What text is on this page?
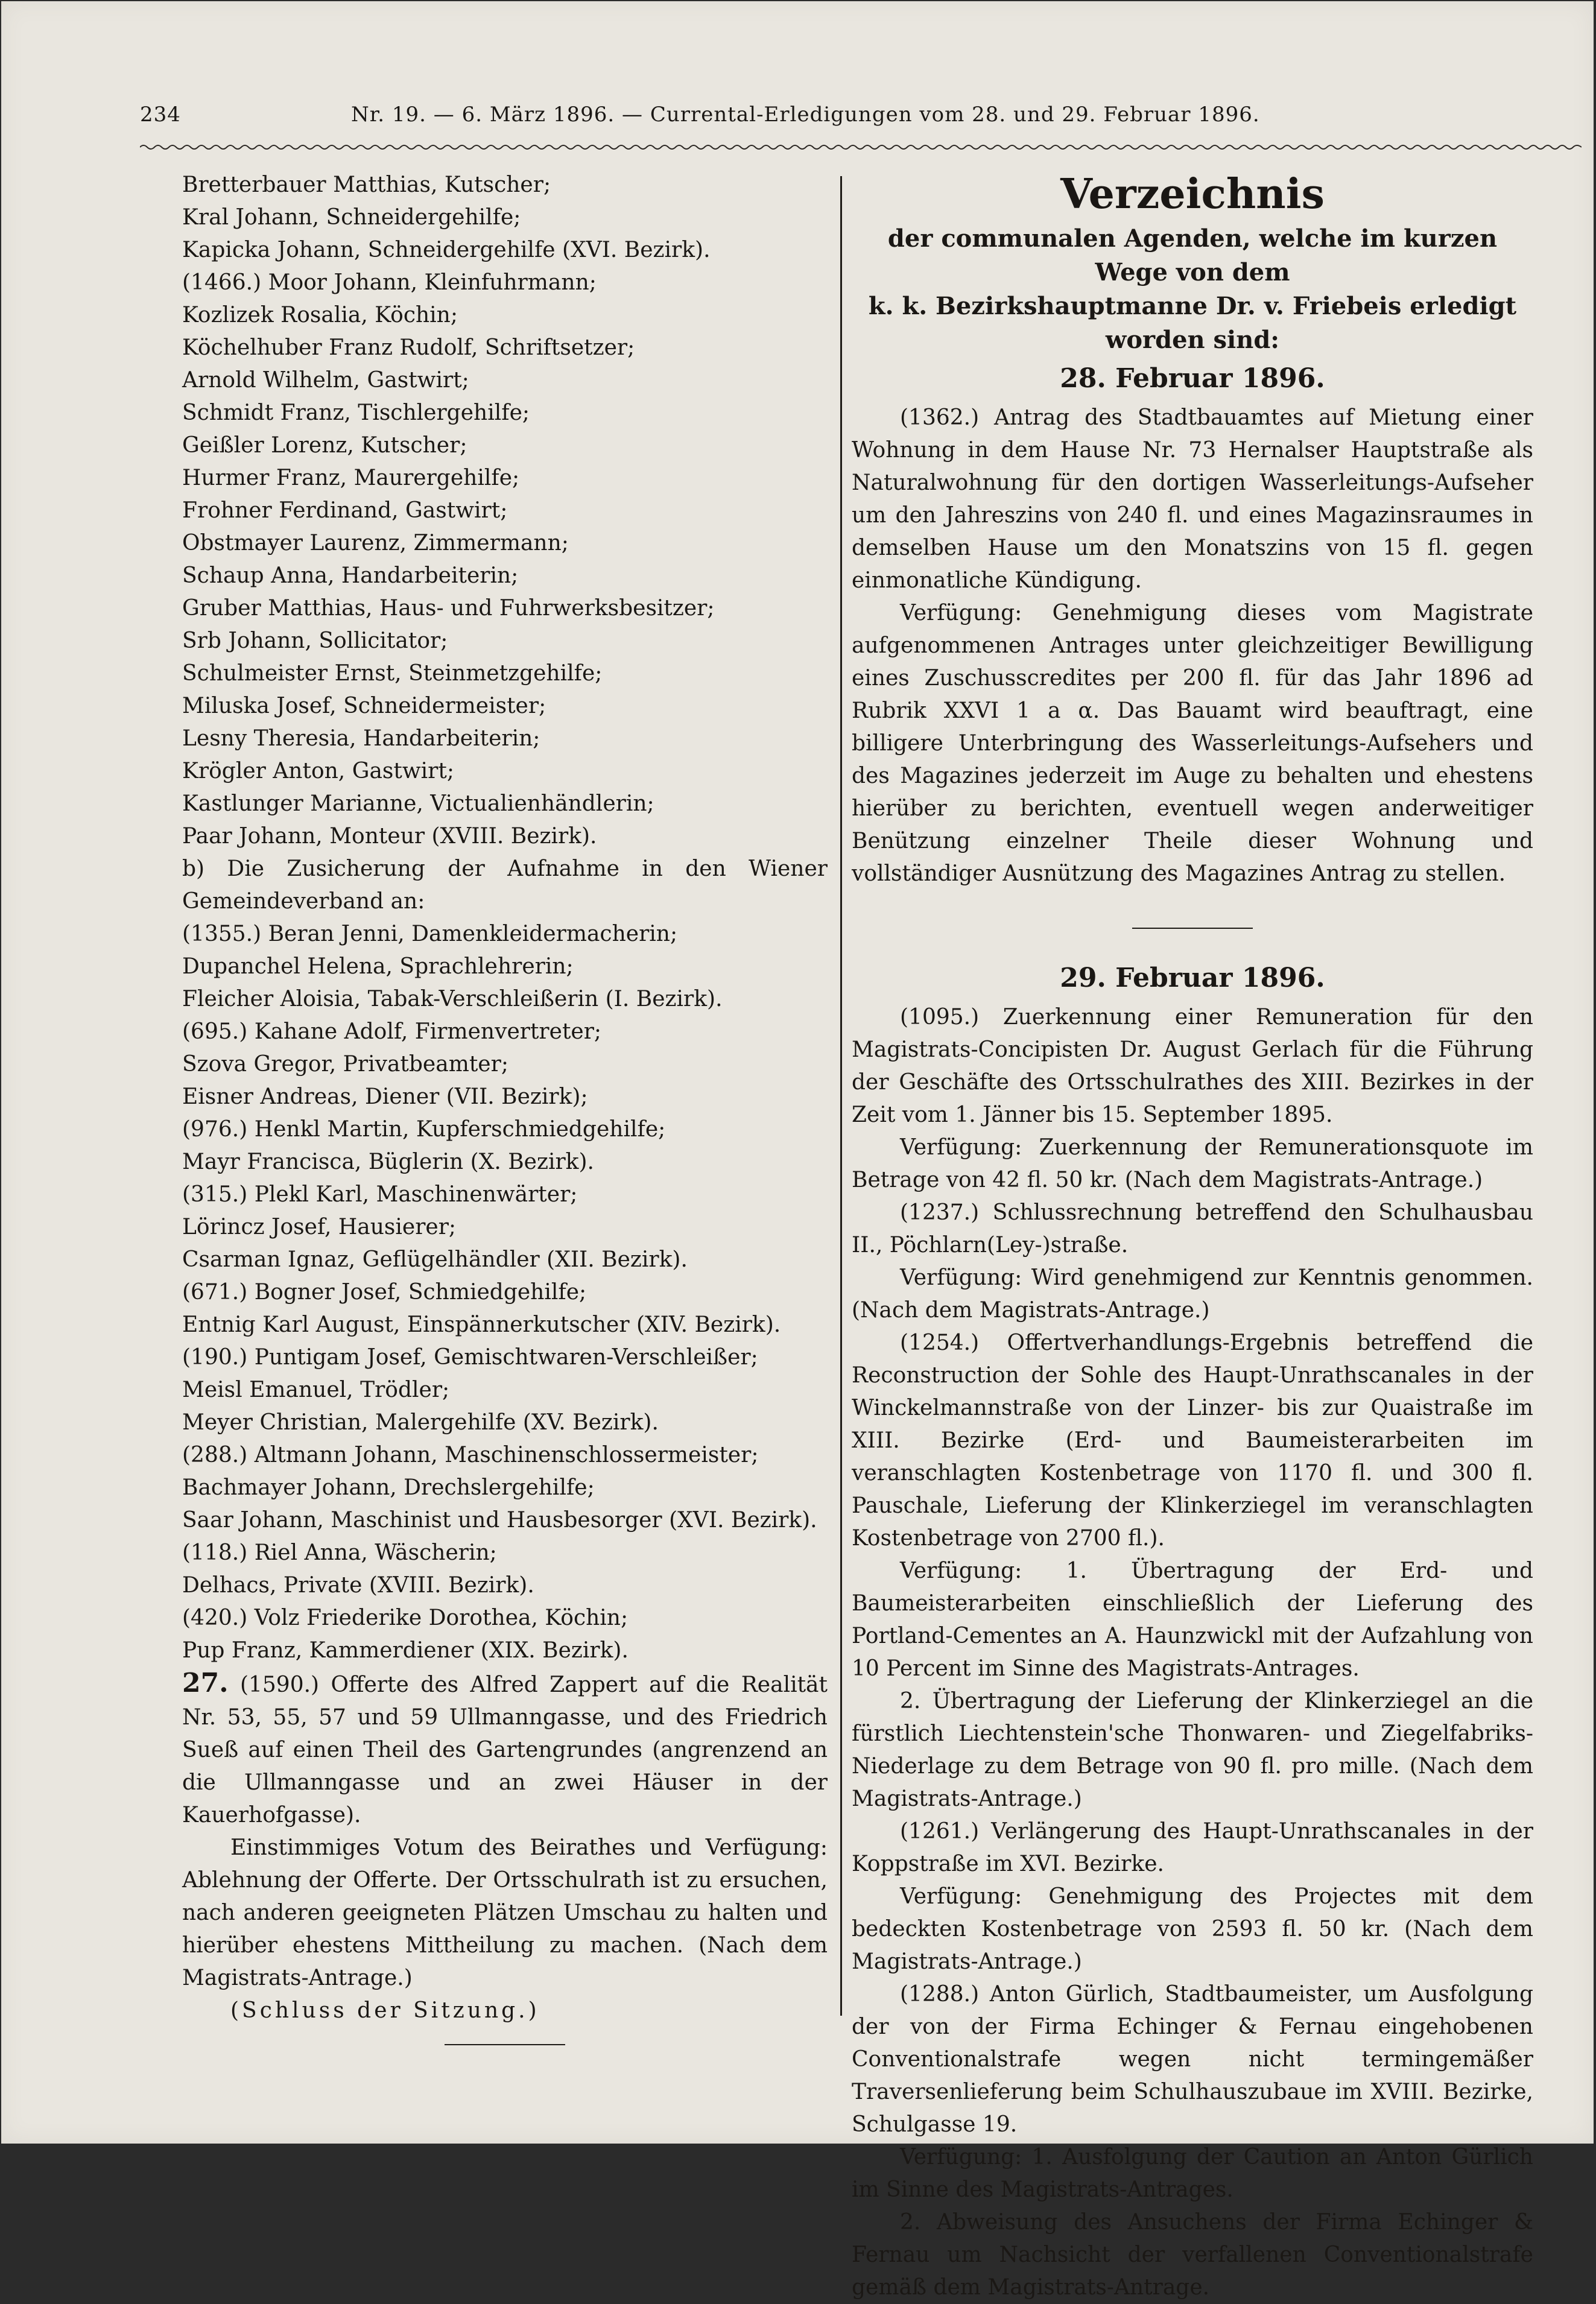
234	Nr. 19. — 6. März 1896. — Currental-Erledigungen vom 28. und 29. Februar 1896.
Bretterbauer Matthias, Kutscher;
Kral Johann, Schneidergehilfe;
Kapicka Johann, Schneidergehilfe (XVI. Bezirk).
(1466.) Moor Johann, Kleinfuhrmann;
Kozlizek Rosalia, Köchin;
Köchelhuber Franz Rudolf, Schriftsetzer;
Arnold Wilhelm, Gastwirt;
Schmidt Franz, Tischlergehilfe;
Geißler Lorenz, Kutscher;
Hurmer Franz, Maurergehilfe;
Frohner Ferdinand, Gastwirt;
Obstmayer Laurenz, Zimmermann;
Schaup Anna, Handarbeiterin;
Gruber Matthias, Haus- und Fuhrwerksbesitzer;
Srb Johann, Sollicitator;
Schulmeister Ernst, Steinmetzgehilfe;
Miluska Josef, Schneidermeister;
Lesny Theresia, Handarbeiterin;
Krögler Anton, Gastwirt;
Kastlunger Marianne, Victualienhändlerin;
Paar Johann, Monteur (XVIII. Bezirk).
b) Die Zusicherung der Aufnahme in den Wiener Gemeindeverband an:
(1355.) Beran Jenni, Damenkleidermacherin;
Dupanchel Helena, Sprachlehrerin;
Fleicher Aloisia, Tabak-Verschleißerin (I. Bezirk).
(695.) Kahane Adolf, Firmenvertreter;
Szova Gregor, Privatbeamter;
Eisner Andreas, Diener (VII. Bezirk);
(976.) Henkl Martin, Kupferschmiedgehilfe;
Mayr Francisca, Büglerin (X. Bezirk).
(315.) Plekl Karl, Maschinenwärter;
Lörincz Josef, Hausierer;
Csarman Ignaz, Geflügelhändler (XII. Bezirk).
(671.) Bogner Josef, Schmiedgehilfe;
Entnig Karl August, Einspännerkutscher (XIV. Bezirk).
(190.) Puntigam Josef, Gemischtwaren-Verschleißer;
Meisl Emanuel, Trödler;
Meyer Christian, Malergehilfe (XV. Bezirk).
(288.) Altmann Johann, Maschinenschlossermeister;
Bachmayer Johann, Drechslergehilfe;
Saar Johann, Maschinist und Hausbesorger (XVI. Bezirk).
(118.) Riel Anna, Wäscherin;
Delhacs, Private (XVIII. Bezirk).
(420.) Volz Friederike Dorothea, Köchin;
Pup Franz, Kammerdiener (XIX. Bezirk).
27. (1590.) Offerte des Alfred Zappert auf die Realität Nr. 53, 55, 57 und 59 Ullmanngasse, und des Friedrich Sueß auf einen Theil des Gartengrundes (angrenzend an die Ullmanngasse und an zwei Häuser in der Kauerhofgasse).
Einstimmiges Votum des Beirathes und Verfügung: Ablehnung der Offerte. Der Ortsschulrath ist zu ersuchen, nach anderen geeigneten Plätzen Umschau zu halten und hierüber ehestens Mittheilung zu machen. (Nach dem Magistrats-Antrage.)
(Schluss der Sitzung.)
Verzeichnis
der communalen Agenden, welche im kurzen Wege von dem
k. k. Bezirkshauptmanne Dr. v. Friebeis erledigt worden sind:
28. Februar 1896.
(1362.) Antrag des Stadtbauamtes auf Mietung einer Wohnung in dem Hause Nr. 73 Hernalser Hauptstraße als Naturalwohnung für den dortigen Wasserleitungs-Aufseher um den Jahreszins von 240 fl. und eines Magazinsraumes in demselben Hause um den Monatszins von 15 fl. gegen einmonatliche Kündigung.
Verfügung: Genehmigung dieses vom Magistrate aufgenommenen Antrages unter gleichzeitiger Bewilligung eines Zuschusscredites per 200 fl. für das Jahr 1896 ad Rubrik XXVI 1 a α. Das Bauamt wird beauftragt, eine billigere Unterbringung des Wasserleitungs-Aufsehers und des Magazines jederzeit im Auge zu behalten und ehestens hierüber zu berichten, eventuell wegen anderweitiger Benützung einzelner Theile dieser Wohnung und vollständiger Ausnützung des Magazines Antrag zu stellen.
29. Februar 1896.
(1095.) Zuerkennung einer Remuneration für den Magistrats-Concipisten Dr. August Gerlach für die Führung der Geschäfte des Ortsschulrathes des XIII. Bezirkes in der Zeit vom 1. Jänner bis 15. September 1895.
Verfügung: Zuerkennung der Remunerationsquote im Betrage von 42 fl. 50 kr. (Nach dem Magistrats-Antrage.)
(1237.) Schlussrechnung betreffend den Schulhausbau II., Pöchlarn(Ley-)straße.
Verfügung: Wird genehmigend zur Kenntnis genommen. (Nach dem Magistrats-Antrage.)
(1254.) Offertverhandlungs-Ergebnis betreffend die Reconstruction der Sohle des Haupt-Unrathscanales in der Winckelmannstraße von der Linzer- bis zur Quaistraße im XIII. Bezirke (Erd- und Baumeisterarbeiten im veranschlagten Kostenbetrage von 1170 fl. und 300 fl. Pauschale, Lieferung der Klinkerziegel im veranschlagten Kostenbetrage von 2700 fl.).
Verfügung: 1. Übertragung der Erd- und Baumeisterarbeiten einschließlich der Lieferung des Portland-Cementes an A. Haunzwickl mit der Aufzahlung von 10 Percent im Sinne des Magistrats-Antrages.
2. Übertragung der Lieferung der Klinkerziegel an die fürstlich Liechtenstein'sche Thonwaren- und Ziegelfabriks-Niederlage zu dem Betrage von 90 fl. pro mille. (Nach dem Magistrats-Antrage.)
(1261.) Verlängerung des Haupt-Unrathscanales in der Koppstraße im XVI. Bezirke.
Verfügung: Genehmigung des Projectes mit dem bedeckten Kostenbetrage von 2593 fl. 50 kr. (Nach dem Magistrats-Antrage.)
(1288.) Anton Gürlich, Stadtbaumeister, um Ausfolgung der von der Firma Echinger & Fernau eingehobenen Conventionalstrafe wegen nicht termingemäßer Traversenlieferung beim Schulhauszubaue im XVIII. Bezirke, Schulgasse 19.
Verfügung: 1. Ausfolgung der Caution an Anton Gürlich im Sinne des Magistrats-Antrages.
2. Abweisung des Ansuchens der Firma Echinger & Fernau um Nachsicht der verfallenen Conventionalstrafe gemäß dem Magistrats-Antrage.
